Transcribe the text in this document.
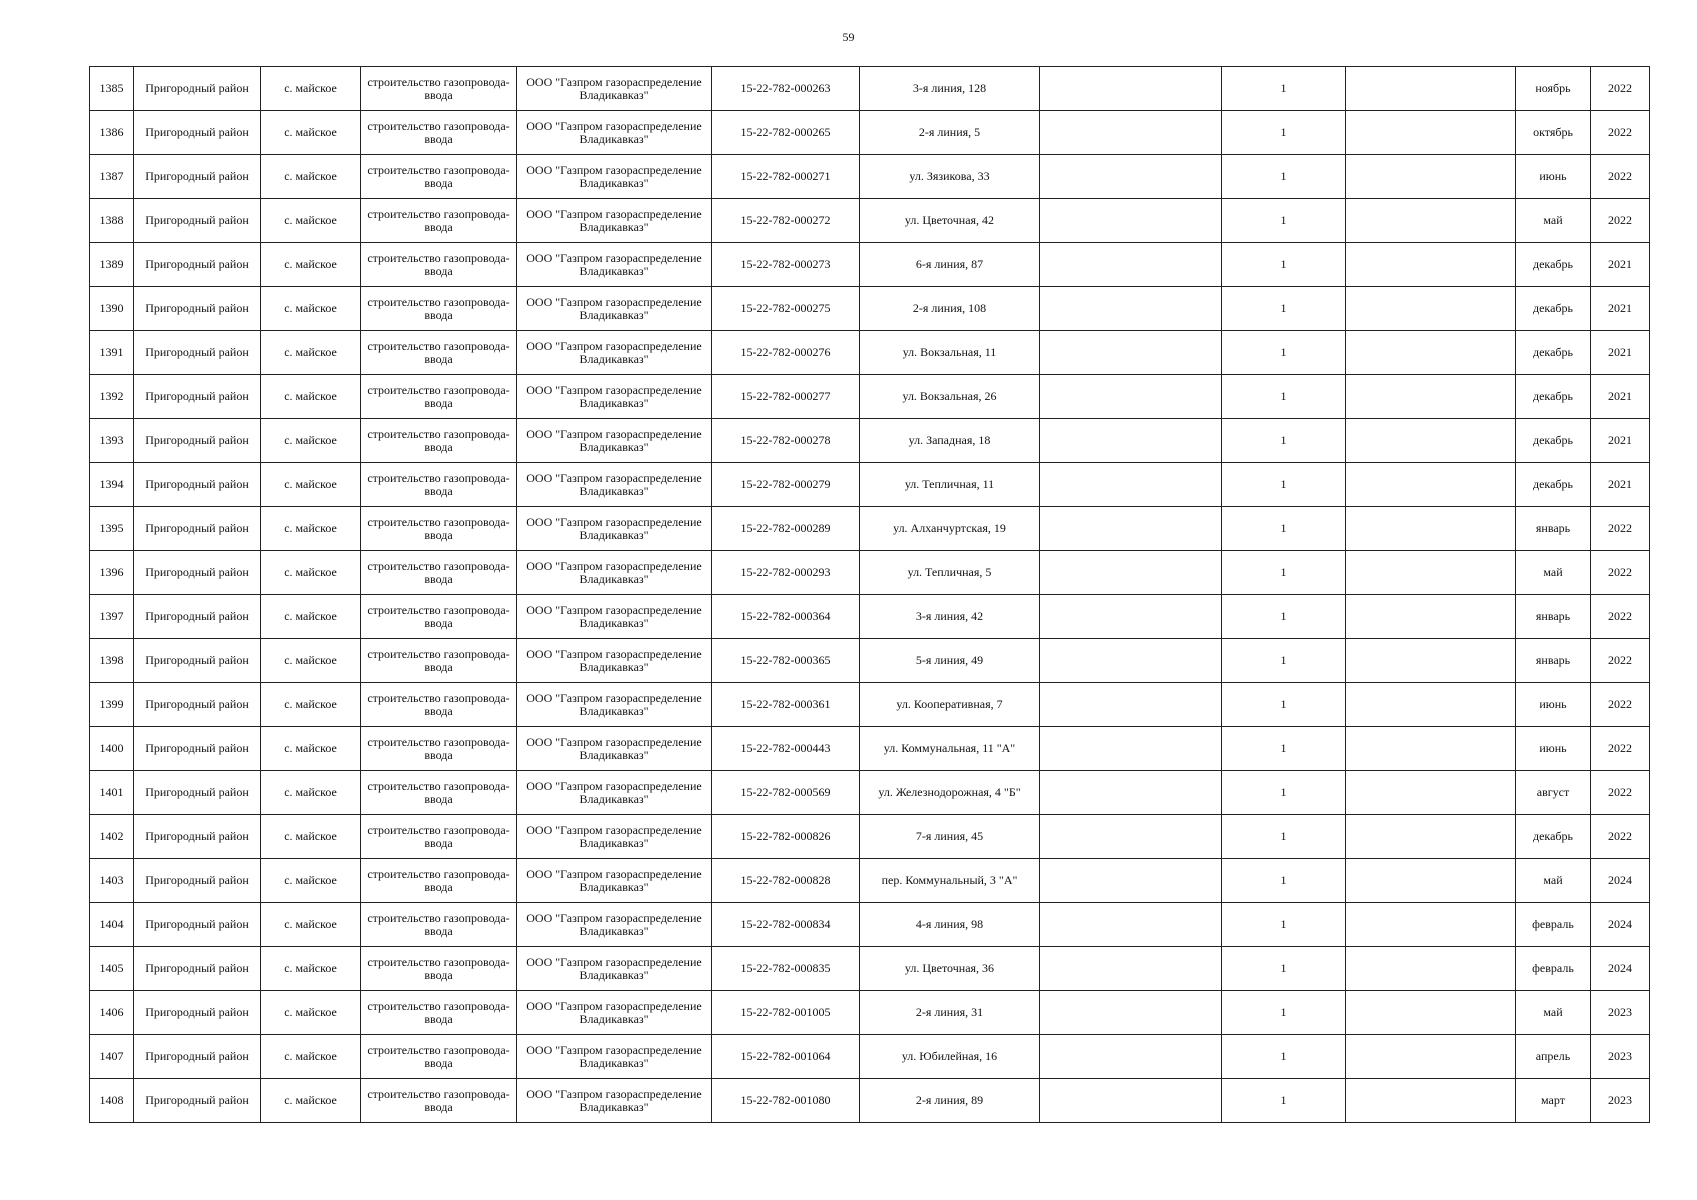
59
1385	Пригородный район	с. майское	строительство газопровода-ввода	ООО "Газпром газораспределение Владикавказ"	15-22-782-000263	3-я линия, 128		1		ноябрь	2022
1386	Пригородный район	с. майское	строительство газопровода-ввода	ООО "Газпром газораспределение Владикавказ"	15-22-782-000265	2-я линия, 5		1		октябрь	2022
1387	Пригородный район	с. майское	строительство газопровода-ввода	ООО "Газпром газораспределение Владикавказ"	15-22-782-000271	ул. Зязикова, 33		1		июнь	2022
1388	Пригородный район	с. майское	строительство газопровода-ввода	ООО "Газпром газораспределение Владикавказ"	15-22-782-000272	ул. Цветочная, 42		1		май	2022
1389	Пригородный район	с. майское	строительство газопровода-ввода	ООО "Газпром газораспределение Владикавказ"	15-22-782-000273	6-я линия, 87		1		декабрь	2021
1390	Пригородный район	с. майское	строительство газопровода-ввода	ООО "Газпром газораспределение Владикавказ"	15-22-782-000275	2-я линия, 108		1		декабрь	2021
1391	Пригородный район	с. майское	строительство газопровода-ввода	ООО "Газпром газораспределение Владикавказ"	15-22-782-000276	ул. Вокзальная, 11		1		декабрь	2021
1392	Пригородный район	с. майское	строительство газопровода-ввода	ООО "Газпром газораспределение Владикавказ"	15-22-782-000277	ул. Вокзальная, 26		1		декабрь	2021
1393	Пригородный район	с. майское	строительство газопровода-ввода	ООО "Газпром газораспределение Владикавказ"	15-22-782-000278	ул. Западная, 18		1		декабрь	2021
1394	Пригородный район	с. майское	строительство газопровода-ввода	ООО "Газпром газораспределение Владикавказ"	15-22-782-000279	ул. Тепличная, 11		1		декабрь	2021
1395	Пригородный район	с. майское	строительство газопровода-ввода	ООО "Газпром газораспределение Владикавказ"	15-22-782-000289	ул. Алханчуртская, 19		1		январь	2022
1396	Пригородный район	с. майское	строительство газопровода-ввода	ООО "Газпром газораспределение Владикавказ"	15-22-782-000293	ул. Тепличная, 5		1		май	2022
1397	Пригородный район	с. майское	строительство газопровода-ввода	ООО "Газпром газораспределение Владикавказ"	15-22-782-000364	3-я линия, 42		1		январь	2022
1398	Пригородный район	с. майское	строительство газопровода-ввода	ООО "Газпром газораспределение Владикавказ"	15-22-782-000365	5-я линия, 49		1		январь	2022
1399	Пригородный район	с. майское	строительство газопровода-ввода	ООО "Газпром газораспределение Владикавказ"	15-22-782-000361	ул. Кооперативная, 7		1		июнь	2022
1400	Пригородный район	с. майское	строительство газопровода-ввода	ООО "Газпром газораспределение Владикавказ"	15-22-782-000443	ул. Коммунальная, 11 "А"		1		июнь	2022
1401	Пригородный район	с. майское	строительство газопровода-ввода	ООО "Газпром газораспределение Владикавказ"	15-22-782-000569	ул. Железнодорожная, 4 "Б"		1		август	2022
1402	Пригородный район	с. майское	строительство газопровода-ввода	ООО "Газпром газораспределение Владикавказ"	15-22-782-000826	7-я линия, 45		1		декабрь	2022
1403	Пригородный район	с. майское	строительство газопровода-ввода	ООО "Газпром газораспределение Владикавказ"	15-22-782-000828	пер. Коммунальный, 3 "А"		1		май	2024
1404	Пригородный район	с. майское	строительство газопровода-ввода	ООО "Газпром газораспределение Владикавказ"	15-22-782-000834	4-я линия, 98		1		февраль	2024
1405	Пригородный район	с. майское	строительство газопровода-ввода	ООО "Газпром газораспределение Владикавказ"	15-22-782-000835	ул. Цветочная, 36		1		февраль	2024
1406	Пригородный район	с. майское	строительство газопровода-ввода	ООО "Газпром газораспределение Владикавказ"	15-22-782-001005	2-я линия, 31		1		май	2023
1407	Пригородный район	с. майское	строительство газопровода-ввода	ООО "Газпром газораспределение Владикавказ"	15-22-782-001064	ул. Юбилейная, 16		1		апрель	2023
1408	Пригородный район	с. майское	строительство газопровода-ввода	ООО "Газпром газораспределение Владикавказ"	15-22-782-001080	2-я линия, 89		1		март	2023
